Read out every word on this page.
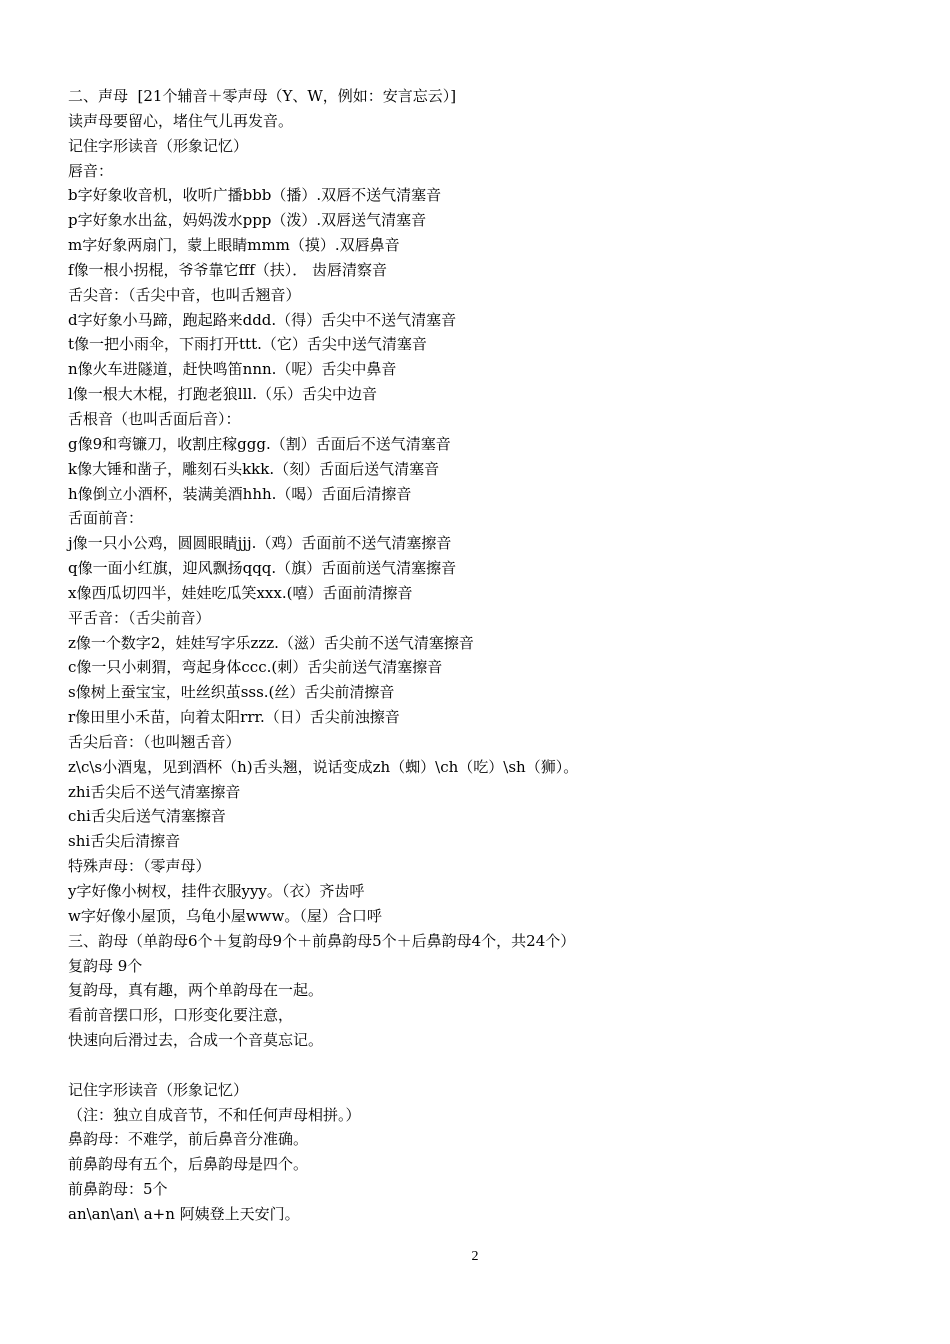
二、声母  [21个辅音＋零声母（Y、W，例如：安言忘云）]
读声母要留心，堵住气儿再发音。
记住字形读音（形象记忆）
唇音：
b字好象收音机，收听广播bbb（播）.双唇不送气清塞音
p字好象水出盆，妈妈泼水ppp（泼）.双唇送气清塞音
m字好象两扇门，蒙上眼睛mmm（摸）.双唇鼻音
f像一根小拐棍，爷爷靠它fff（扶）． 齿唇清察音
舌尖音：（舌尖中音，也叫舌翘音）
d字好象小马蹄，跑起路来ddd.（得）舌尖中不送气清塞音
t像一把小雨伞，下雨打开ttt.（它）舌尖中送气清塞音
n像火车进隧道，赶快鸣笛nnn.（呢）舌尖中鼻音
l像一根大木棍，打跑老狼lll.（乐）舌尖中边音
舌根音（也叫舌面后音）：
g像9和弯镰刀，收割庄稼ggg.（割）舌面后不送气清塞音
k像大锤和凿子，雕刻石头kkk.（刻）舌面后送气清塞音
h像倒立小酒杯，装满美酒hhh.（喝）舌面后清擦音
舌面前音：
j像一只小公鸡，圆圆眼睛jjj.（鸡）舌面前不送气清塞擦音
q像一面小红旗，迎风飘扬qqq.（旗）舌面前送气清塞擦音
x像西瓜切四半，娃娃吃瓜笑xxx.(嘻）舌面前清擦音
平舌音：（舌尖前音）
z像一个数字2，娃娃写字乐zzz.（滋）舌尖前不送气清塞擦音
c像一只小刺猬，弯起身体ccc.(刺）舌尖前送气清塞擦音
s像树上蚕宝宝，吐丝织茧sss.(丝）舌尖前清擦音
r像田里小禾苗，向着太阳rrr.（日）舌尖前浊擦音
舌尖后音：（也叫翘舌音）
z\c\s小酒鬼，见到酒杯（h)舌头翘，说话变成zh（蜘）\ch（吃）\sh（狮）。
zhi舌尖后不送气清塞擦音
chi舌尖后送气清塞擦音
shi舌尖后清擦音
特殊声母：（零声母）
y字好像小树杈，挂件衣服yyy。（衣）齐齿呼
w字好像小屋顶，乌龟小屋www。（屋）合口呼
三、韵母（单韵母6个＋复韵母9个＋前鼻韵母5个＋后鼻韵母4个，共24个）
复韵母 9个
复韵母，真有趣，两个单韵母在一起。
看前音摆口形，口形变化要注意，
快速向后滑过去，合成一个音莫忘记。
记住字形读音（形象记忆）
（注：独立自成音节，不和任何声母相拼。）
鼻韵母：不难学，前后鼻音分准确。
前鼻韵母有五个，后鼻韵母是四个。
前鼻韵母：5个
an\an\an\ a+n 阿姨登上天安门。
2
